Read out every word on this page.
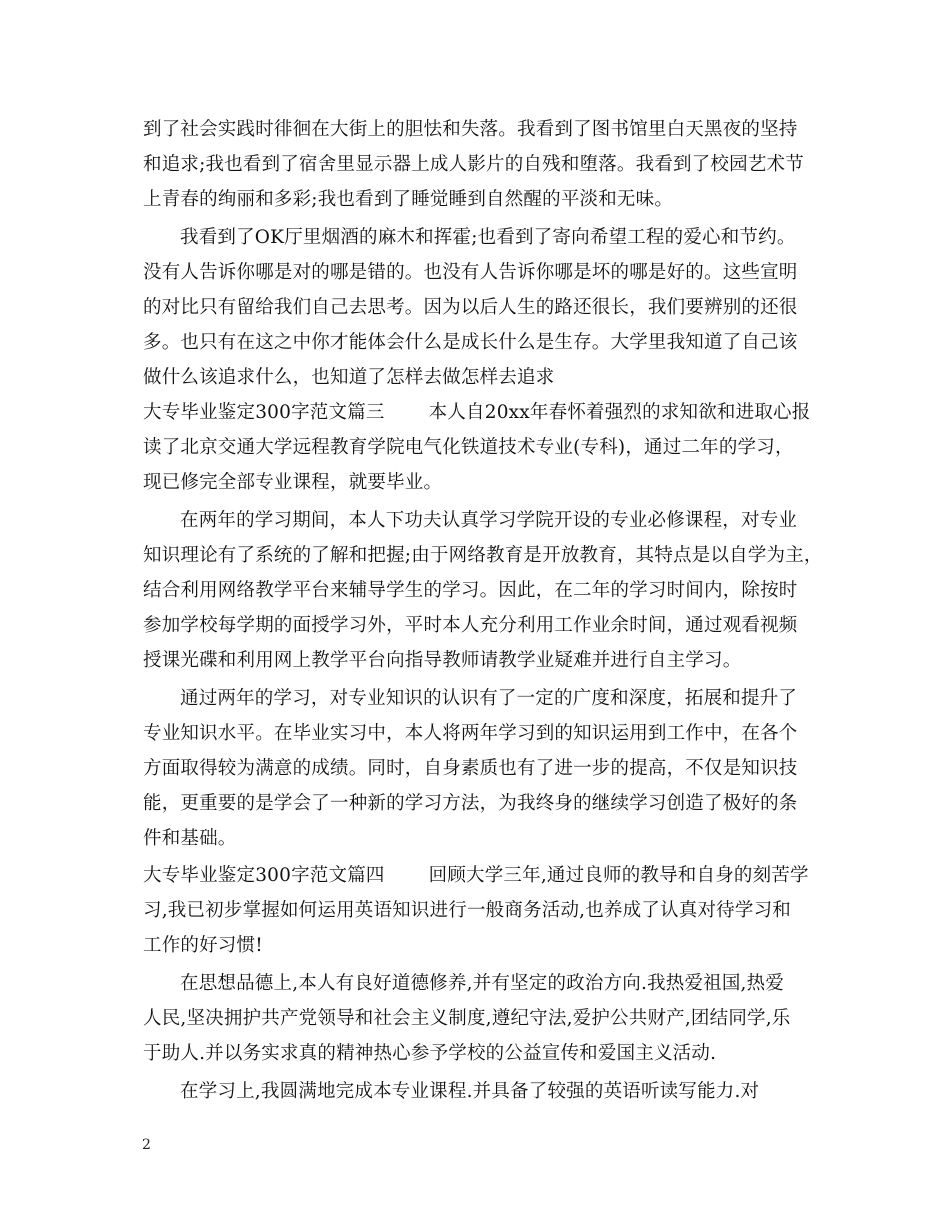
到了社会实践时徘徊在大街上的胆怯和失落。我看到了图书馆里白天黑夜的坚持
和追求;我也看到了宿舍里显示器上成人影片的自残和堕落。我看到了校园艺术节
上青春的绚丽和多彩;我也看到了睡觉睡到自然醒的平淡和无味。
我看到了OK厅里烟酒的麻木和挥霍;也看到了寄向希望工程的爱心和节约。
没有人告诉你哪是对的哪是错的。也没有人告诉你哪是坏的哪是好的。这些宣明
的对比只有留给我们自己去思考。因为以后人生的路还很长，我们要辨别的还很
多。也只有在这之中你才能体会什么是成长什么是生存。大学里我知道了自己该
做什么该追求什么，也知道了怎样去做怎样去追求
大专毕业鉴定300字范文篇三 本人自20xx年春怀着强烈的求知欲和进取心报
读了北京交通大学远程教育学院电气化铁道技术专业(专科)，通过二年的学习，
现已修完全部专业课程，就要毕业。
在两年的学习期间，本人下功夫认真学习学院开设的专业必修课程，对专业
知识理论有了系统的了解和把握;由于网络教育是开放教育，其特点是以自学为主，
结合利用网络教学平台来辅导学生的学习。因此，在二年的学习时间内，除按时
参加学校每学期的面授学习外，平时本人充分利用工作业余时间，通过观看视频
授课光碟和利用网上教学平台向指导教师请教学业疑难并进行自主学习。
通过两年的学习，对专业知识的认识有了一定的广度和深度，拓展和提升了
专业知识水平。在毕业实习中，本人将两年学习到的知识运用到工作中，在各个
方面取得较为满意的成绩。同时，自身素质也有了进一步的提高，不仅是知识技
能，更重要的是学会了一种新的学习方法，为我终身的继续学习创造了极好的条
件和基础。
大专毕业鉴定300字范文篇四 回顾大学三年,通过良师的教导和自身的刻苦学
习,我已初步掌握如何运用英语知识进行一般商务活动,也养成了认真对待学习和
工作的好习惯!
在思想品德上,本人有良好道德修养,并有坚定的政治方向.我热爱祖国,热爱
人民,坚决拥护共产党领导和社会主义制度,遵纪守法,爱护公共财产,团结同学,乐
于助人.并以务实求真的精神热心参予学校的公益宣传和爱国主义活动.
在学习上,我圆满地完成本专业课程.并具备了较强的英语听读写能力.对
2
